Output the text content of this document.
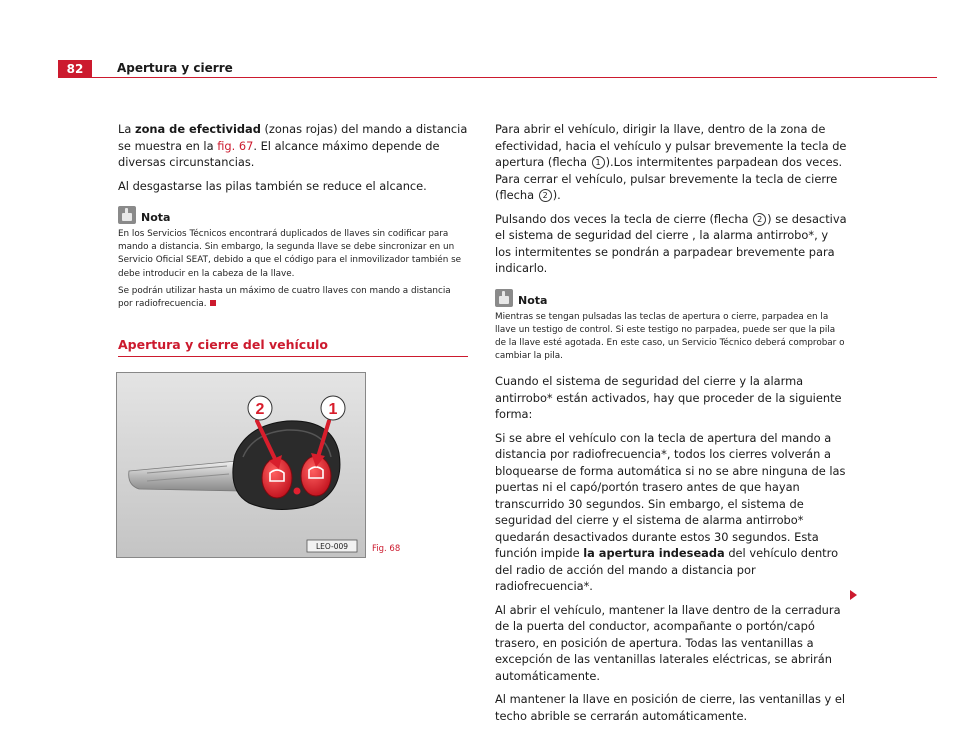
82	Apertura y cierre

La zona de efectividad (zonas rojas) del mando a distancia se muestra en la fig. 67. El alcance máximo depende de diversas circunstancias.

Al desgastarse las pilas también se reduce el alcance.

Nota

En los Servicios Técnicos encontrará duplicados de llaves sin codificar para mando a distancia. Sin embargo, la segunda llave se debe sincronizar en un Servicio Oficial SEAT, debido a que el código para el inmovilizador también se debe introducir en la cabeza de la llave.

Se podrán utilizar hasta un máximo de cuatro llaves con mando a distancia por radiofrecuencia.

Apertura y cierre del vehículo
2	1
LEO-009	Fig. 68

Para abrir el vehículo, dirigir la llave, dentro de la zona de efectividad, hacia el vehículo y pulsar brevemente la tecla de apertura (flecha 1 ).Los intermitentes parpadean dos veces. Para cerrar el vehículo, pulsar brevemente la tecla de cierre (flecha 2 ).

Pulsando dos veces la tecla de cierre (flecha 2 ) se desactiva el sistema de seguridad del cierre , la alarma antirrobo*, y los intermitentes se pondrán a parpadear brevemente para indicarlo.

Nota

Mientras se tengan pulsadas las teclas de apertura o cierre, parpadea en la llave un testigo de control. Si este testigo no parpadea, puede ser que la pila de la llave esté agotada. En este caso, un Servicio Técnico deberá comprobar o cambiar la pila.

Cuando el sistema de seguridad del cierre y la alarma antirrobo* están activados, hay que proceder de la siguiente forma:

Si se abre el vehículo con la tecla de apertura del mando a distancia por radiofrecuencia*, todos los cierres volverán a bloquearse de forma automática si no se abre ninguna de las puertas ni el capó/portón trasero antes de que hayan transcurrido 30 segundos. Sin embargo, el sistema de seguridad del cierre y el sistema de alarma antirrobo* quedarán desactivados durante estos 30 segundos. Esta función impide la apertura indeseada del vehículo dentro del radio de acción del mando a distancia por radiofrecuencia*.

Al abrir el vehículo, mantener la llave dentro de la cerradura de la puerta del conductor, acompañante o portón/capó trasero, en posición de apertura. Todas las ventanillas a excepción de las ventanillas laterales eléctricas, se abrirán automáticamente.

Al mantener la llave en posición de cierre, las ventanillas y el techo abrible se cerrarán automáticamente.
